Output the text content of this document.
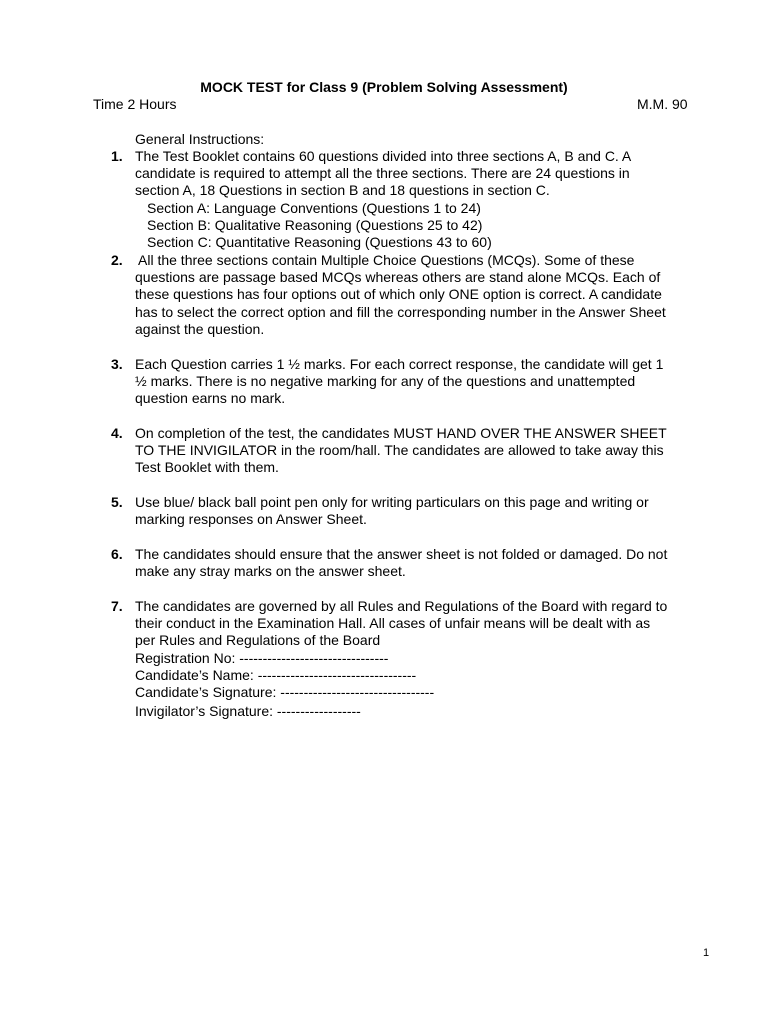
MOCK TEST for Class 9 (Problem Solving Assessment)
Time 2 Hours	M.M. 90
General Instructions:
1. The Test Booklet contains 60 questions divided into three sections A, B and C. A
candidate is required to attempt all the three sections. There are 24 questions in
section A, 18 Questions in section B and 18 questions in section C.
Section A: Language Conventions (Questions 1 to 24)
Section B: Qualitative Reasoning (Questions 25 to 42)
Section C: Quantitative Reasoning (Questions 43 to 60)
2. All the three sections contain Multiple Choice Questions (MCQs). Some of these
questions are passage based MCQs whereas others are stand alone MCQs. Each of
these questions has four options out of which only ONE option is correct. A candidate
has to select the correct option and fill the corresponding number in the Answer Sheet
against the question.
3. Each Question carries 1 ½ marks. For each correct response, the candidate will get 1
½ marks. There is no negative marking for any of the questions and unattempted
question earns no mark.
4. On completion of the test, the candidates MUST HAND OVER THE ANSWER SHEET
TO THE INVIGILATOR in the room/hall. The candidates are allowed to take away this
Test Booklet with them.
5. Use blue/ black ball point pen only for writing particulars on this page and writing or
marking responses on Answer Sheet.
6. The candidates should ensure that the answer sheet is not folded or damaged. Do not
make any stray marks on the answer sheet.
7. The candidates are governed by all Rules and Regulations of the Board with regard to
their conduct in the Examination Hall. All cases of unfair means will be dealt with as
per Rules and Regulations of the Board
Registration No: --------------------------------
Candidate’s Name: ----------------------------------
Candidate’s Signature: ---------------------------------
Invigilator’s Signature: ------------------
1
